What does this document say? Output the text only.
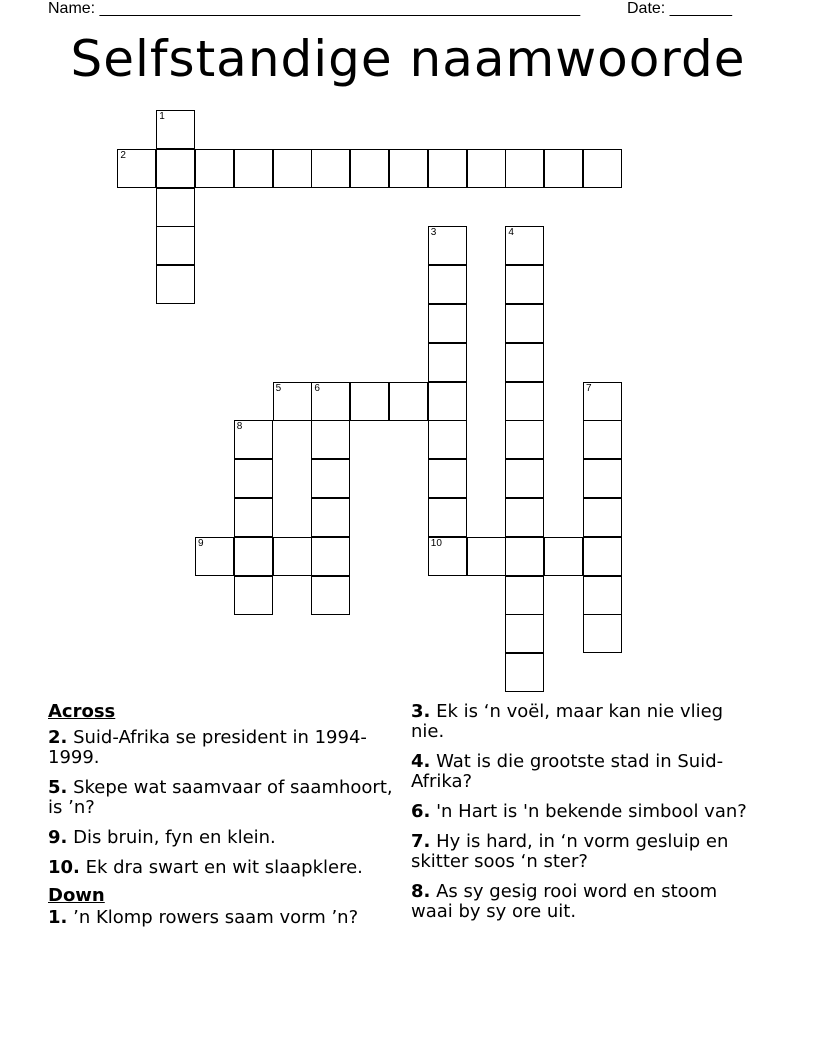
Name: ______________________________________________________	Date: _______
Selfstandige naamwoorde
1
2
3
10
4
5	6	7
8
9
Across
2. Suid-Afrika se president in 1994-1999.
5. Skepe wat saamvaar of saamhoort, is ’n?
9. Dis bruin, fyn en klein.
10. Ek dra swart en wit slaapklere.
Down
1. ’n Klomp rowers saam vorm ’n?
3. Ek is ‘n voël, maar kan nie vlieg nie.
4. Wat is die grootste stad in Suid-Afrika?
6. 'n Hart is 'n bekende simbool van?
7. Hy is hard, in ‘n vorm gesluip en skitter soos ‘n ster?
8. As sy gesig rooi word en stoom waai by sy ore uit.
